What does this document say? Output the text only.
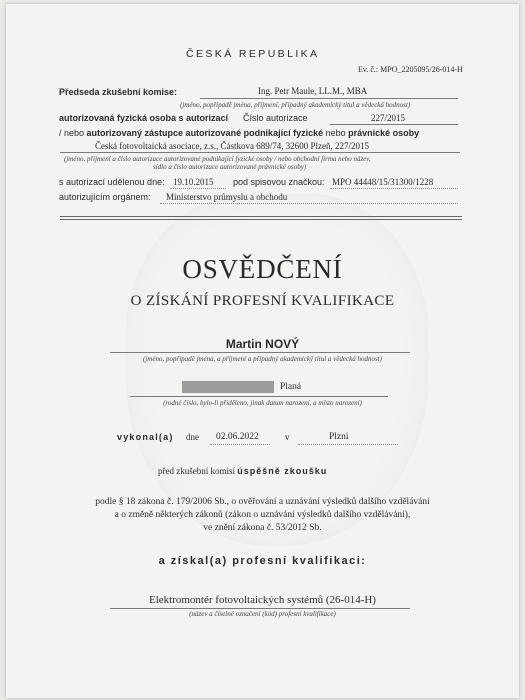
ČESKÁ REPUBLIKA
Ev. č.: MPO_2205095/26-014-H
Předseda zkušební komise:	Ing. Petr Maule, LL.M., MBA
(jméno, popřípadě jména, příjmení, případný akademický titul a vědecká hodnost)
autorizovaná fyzická osoba s autorizací Číslo autorizace	227/2015
/ nebo autorizovaný zástupce autorizované podnikající fyzické nebo právnické osoby
Česká fotovoltaická asociace, z.s., Částkova 689/74, 32600 Plzeň, 227/2015
(jméno, příjmení a číslo autorizace autorizované podnikající fyzické osoby / nebo obchodní firma nebo název,
sídlo a číslo autorizace autorizované právnické osoby)
s autorizací udělenou dne: 19.10.2015 pod spisovou značkou: MPO 44448/15/31300/1228
autorizujícím orgánem: Ministerstvo průmyslu a obchodu
OSVĚDČENÍ
O ZÍSKÁNÍ PROFESNÍ KVALIFIKACE
Martin NOVÝ
(jméno, popřípadě jména, a příjmení a případný akademický titul a vědecká hodnost)
Planá
(rodné číslo, bylo-li přiděleno, jinak datum narození, a místo narození)
vykonal(a) dne 02.06.2022	v	Plzni
před zkušební komisí úspěšně zkoušku
podle § 18 zákona č. 179/2006 Sb., o ověřování a uznávání výsledků dalšího vzdělávání
a o změně některých zákonů (zákon o uznávání výsledků dalšího vzdělávání),
ve znění zákona č. 53/2012 Sb.
a získal(a) profesní kvalifikaci:
Elektromontér fotovoltaických systémů (26-014-H)
(název a číselné označení (kód) profesní kvalifikace)
